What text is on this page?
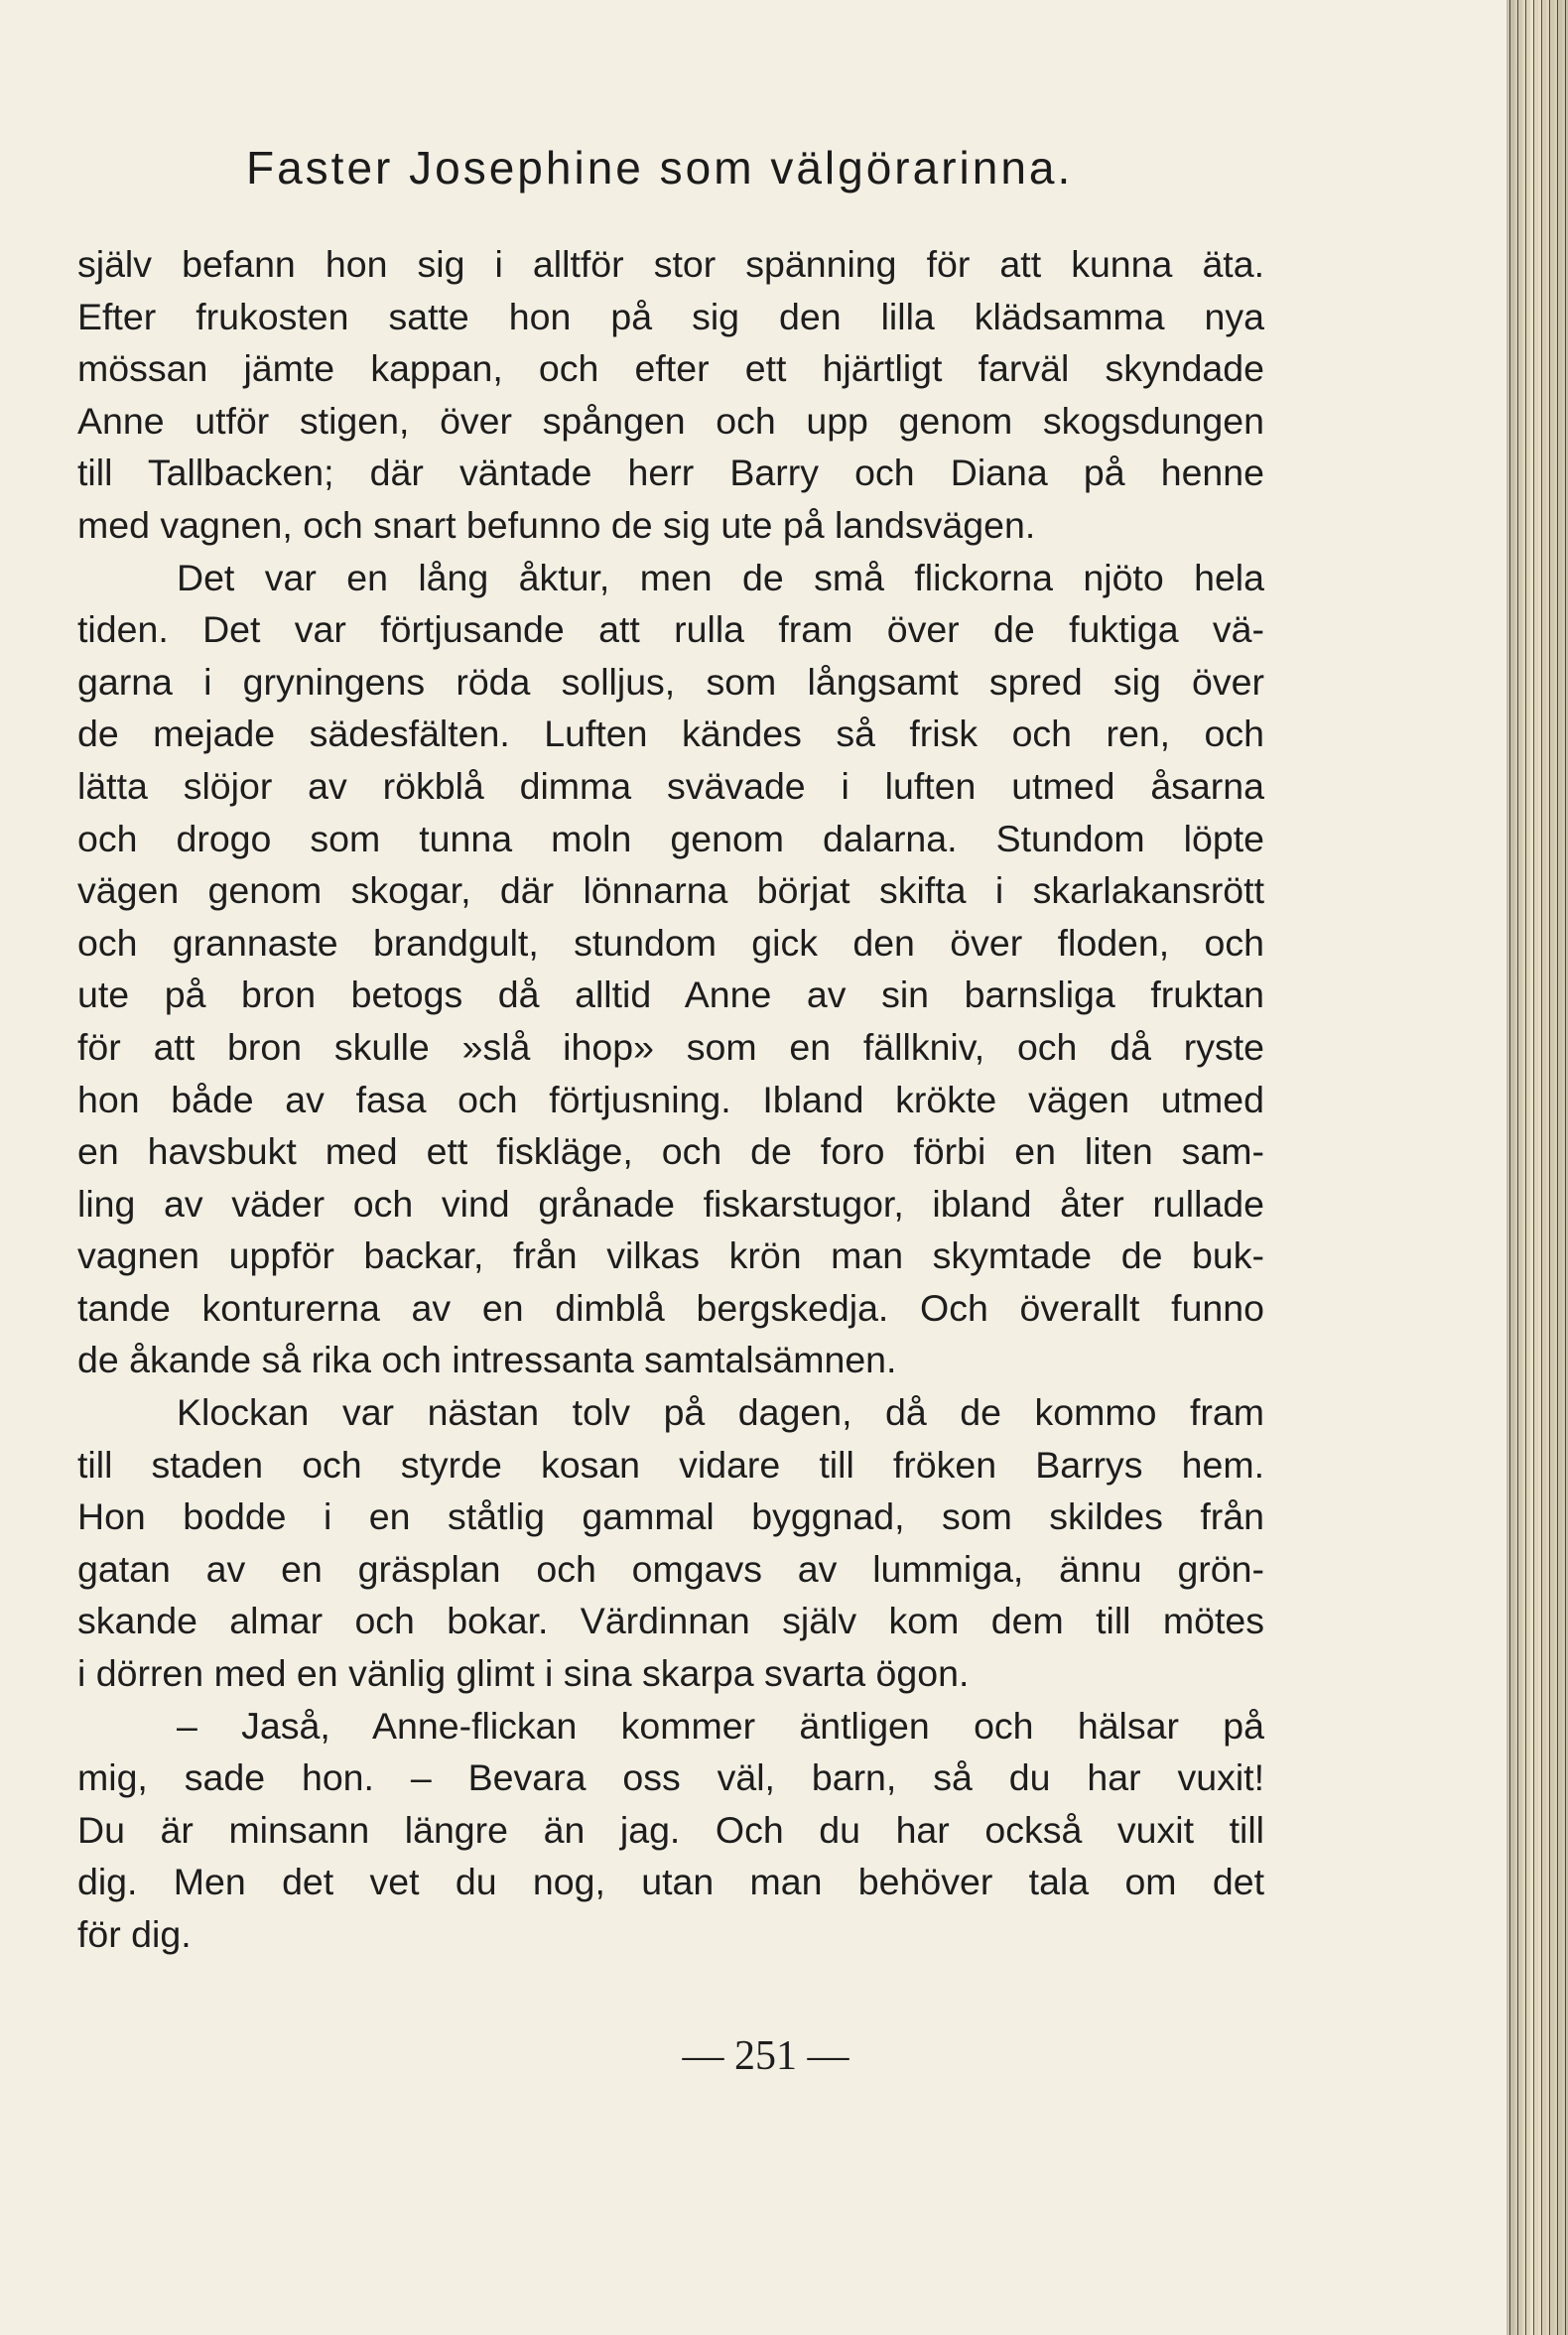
Faster Josephine som välgörarinna.
själv befann hon sig i alltför stor spänning för att kunna äta.
Efter frukosten satte hon på sig den lilla klädsamma nya
mössan jämte kappan, och efter ett hjärtligt farväl skyndade
Anne utför stigen, över spången och upp genom skogsdungen
till Tallbacken; där väntade herr Barry och Diana på henne
med vagnen, och snart befunno de sig ute på landsvägen.
Det var en lång åktur, men de små flickorna njöto hela
tiden. Det var förtjusande att rulla fram över de fuktiga vä-
garna i gryningens röda solljus, som långsamt spred sig över
de mejade sädesfälten. Luften kändes så frisk och ren, och
lätta slöjor av rökblå dimma svävade i luften utmed åsarna
och drogo som tunna moln genom dalarna. Stundom löpte
vägen genom skogar, där lönnarna börjat skifta i skarlakansrött
och grannaste brandgult, stundom gick den över floden, och
ute på bron betogs då alltid Anne av sin barnsliga fruktan
för att bron skulle »slå ihop» som en fällkniv, och då ryste
hon både av fasa och förtjusning. Ibland krökte vägen utmed
en havsbukt med ett fiskläge, och de foro förbi en liten sam-
ling av väder och vind grånade fiskarstugor, ibland åter rullade
vagnen uppför backar, från vilkas krön man skymtade de buk-
tande konturerna av en dimblå bergskedja. Och överallt funno
de åkande så rika och intressanta samtalsämnen.
Klockan var nästan tolv på dagen, då de kommo fram
till staden och styrde kosan vidare till fröken Barrys hem.
Hon bodde i en ståtlig gammal byggnad, som skildes från
gatan av en gräsplan och omgavs av lummiga, ännu grön-
skande almar och bokar. Värdinnan själv kom dem till mötes
i dörren med en vänlig glimt i sina skarpa svarta ögon.
– Jaså, Anne-flickan kommer äntligen och hälsar på
mig, sade hon. – Bevara oss väl, barn, så du har vuxit!
Du är minsann längre än jag. Och du har också vuxit till
dig. Men det vet du nog, utan man behöver tala om det
för dig.
— 251 —
